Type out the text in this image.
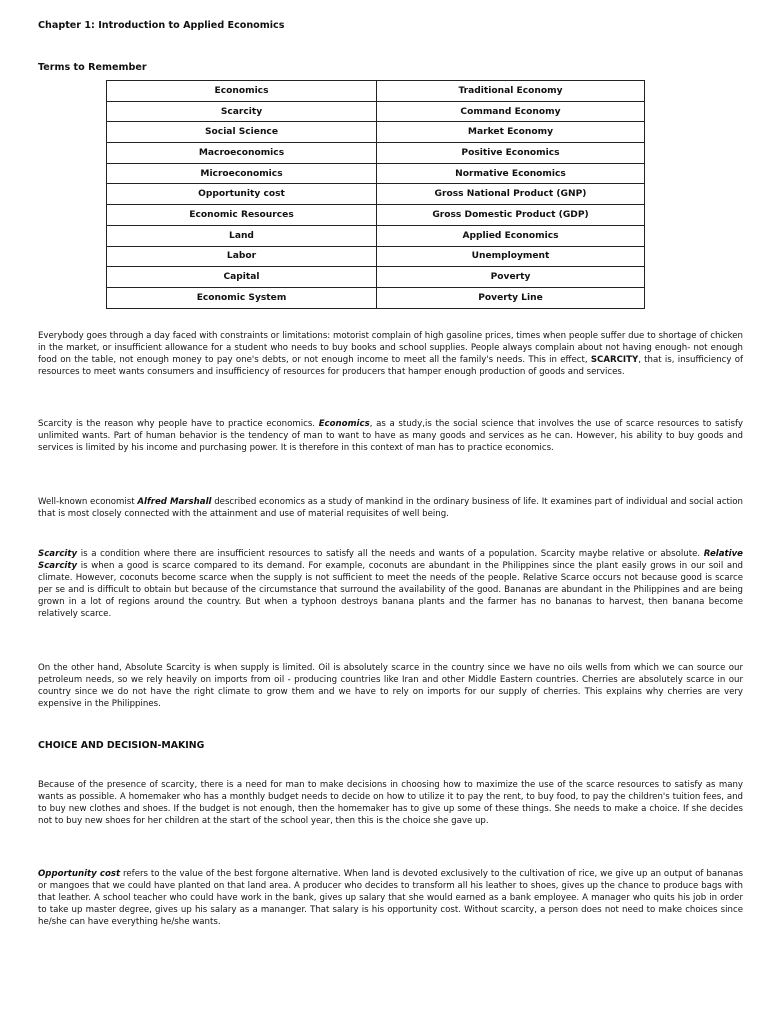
Chapter 1: Introduction to Applied Economics
Terms to Remember
Economics	Traditional Economy
Scarcity	Command Economy
Social Science	Market Economy
Macroeconomics	Positive Economics
Microeconomics	Normative Economics
Opportunity cost	Gross National Product (GNP)
Economic Resources	Gross Domestic Product (GDP)
Land	Applied Economics
Labor	Unemployment
Capital	Poverty
Economic System	Poverty Line

Everybody goes through a day faced with constraints or limitations: motorist complain of high gasoline prices, times when people suffer due to shortage of chicken in the market, or insufficient allowance for a student who needs to buy books and school supplies. People always complain about not having enough- not enough food on the table, not enough money to pay one's debts, or not enough income to meet all the family's needs. This in effect, SCARCITY, that is, insufficiency of resources to meet wants consumers and insufficiency of resources for producers that hamper enough production of goods and services.

Scarcity is the reason why people have to practice economics. Economics, as a study,is the social science that involves the use of scarce resources to satisfy unlimited wants. Part of human behavior is the tendency of man to want to have as many goods and services as he can. However, his ability to buy goods and services is limited by his income and purchasing power. It is therefore in this context of man has to practice economics.

Well-known economist Alfred Marshall described economics as a study of mankind in the ordinary business of life. It examines part of individual and social action that is most closely connected with the attainment and use of material requisites of well being.

Scarcity is a condition where there are insufficient resources to satisfy all the needs and wants of a population. Scarcity maybe relative or absolute. Relative Scarcity is when a good is scarce compared to its demand. For example, coconuts are abundant in the Philippines since the plant easily grows in our soil and climate. However, coconuts become scarce when the supply is not sufficient to meet the needs of the people. Relative Scarce occurs not because good is scarce per se and is difficult to obtain but because of the circumstance that surround the availability of the good. Bananas are abundant in the Philippines and are being grown in a lot of regions around the country. But when a typhoon destroys banana plants and the farmer has no bananas to harvest, then banana become relatively scarce.

On the other hand, Absolute Scarcity is when supply is limited. Oil is absolutely scarce in the country since we have no oils wells from which we can source our petroleum needs, so we rely heavily on imports from oil - producing countries like Iran and other Middle Eastern countries. Cherries are absolutely scarce in our country since we do not have the right climate to grow them and we have to rely on imports for our supply of cherries. This explains why cherries are very expensive in the Philippines.

CHOICE AND DECISION-MAKING

Because of the presence of scarcity, there is a need for man to make decisions in choosing how to maximize the use of the scarce resources to satisfy as many wants as possible. A homemaker who has a monthly budget needs to decide on how to utilize it to pay the rent, to buy food, to pay the children's tuition fees, and to buy new clothes and shoes. If the budget is not enough, then the homemaker has to give up some of these things. She needs to make a choice. If she decides not to buy new shoes for her children at the start of the school year, then this is the choice she gave up.

Opportunity cost refers to the value of the best forgone alternative. When land is devoted exclusively to the cultivation of rice, we give up an output of bananas or mangoes that we could have planted on that land area. A producer who decides to transform all his leather to shoes, gives up the chance to produce bags with that leather. A school teacher who could have work in the bank, gives up salary that she would earned as a bank employee. A manager who quits his job in order to take up master degree, gives up his salary as a mananger. That salary is his opportunity cost. Without scarcity, a person does not need to make choices since he/she can have everything he/she wants.
